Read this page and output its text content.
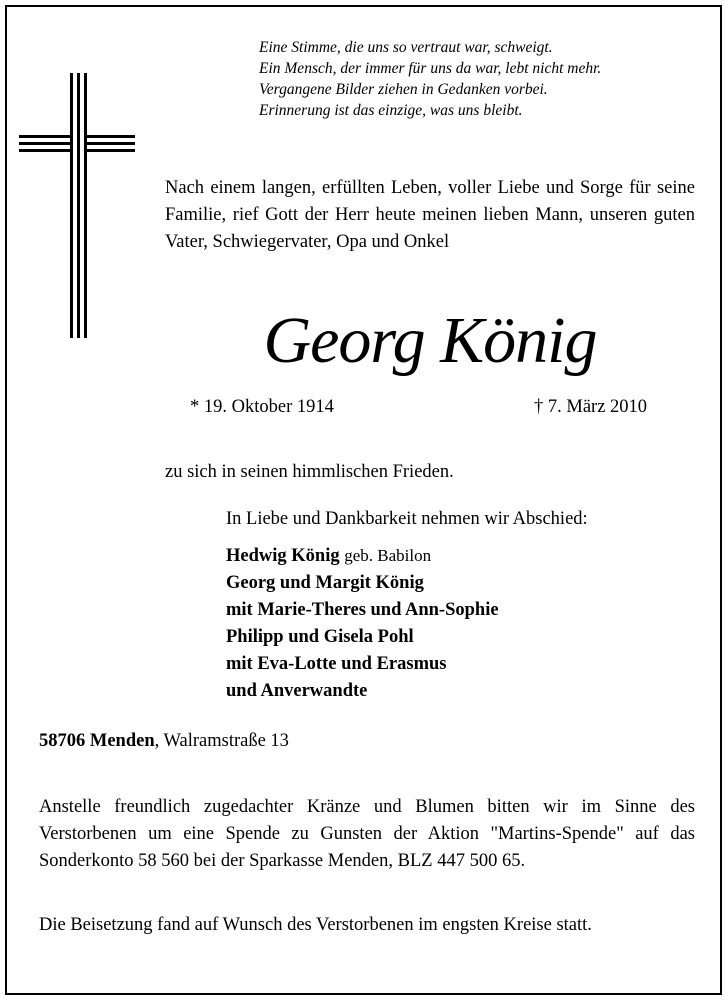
Eine Stimme, die uns so vertraut war, schweigt.
Ein Mensch, der immer für uns da war, lebt nicht mehr.
Vergangene Bilder ziehen in Gedanken vorbei.
Erinnerung ist das einzige, was uns bleibt.
Nach einem langen, erfüllten Leben, voller Liebe und Sorge für seine Familie, rief Gott der Herr heute meinen lieben Mann, unseren guten Vater, Schwiegervater, Opa und Onkel
Georg König
* 19. Oktober 1914	† 7. März 2010
zu sich in seinen himmlischen Frieden.
In Liebe und Dankbarkeit nehmen wir Abschied:
Hedwig König geb. Babilon
Georg und Margit König
mit Marie-Theres und Ann-Sophie
Philipp und Gisela Pohl
mit Eva-Lotte und Erasmus
und Anverwandte
58706 Menden, Walramstraße 13
Anstelle freundlich zugedachter Kränze und Blumen bitten wir im Sinne des Verstorbenen um eine Spende zu Gunsten der Aktion "Martins-Spende" auf das Sonderkonto 58 560 bei der Sparkasse Menden, BLZ 447 500 65.
Die Beisetzung fand auf Wunsch des Verstorbenen im engsten Kreise statt.
